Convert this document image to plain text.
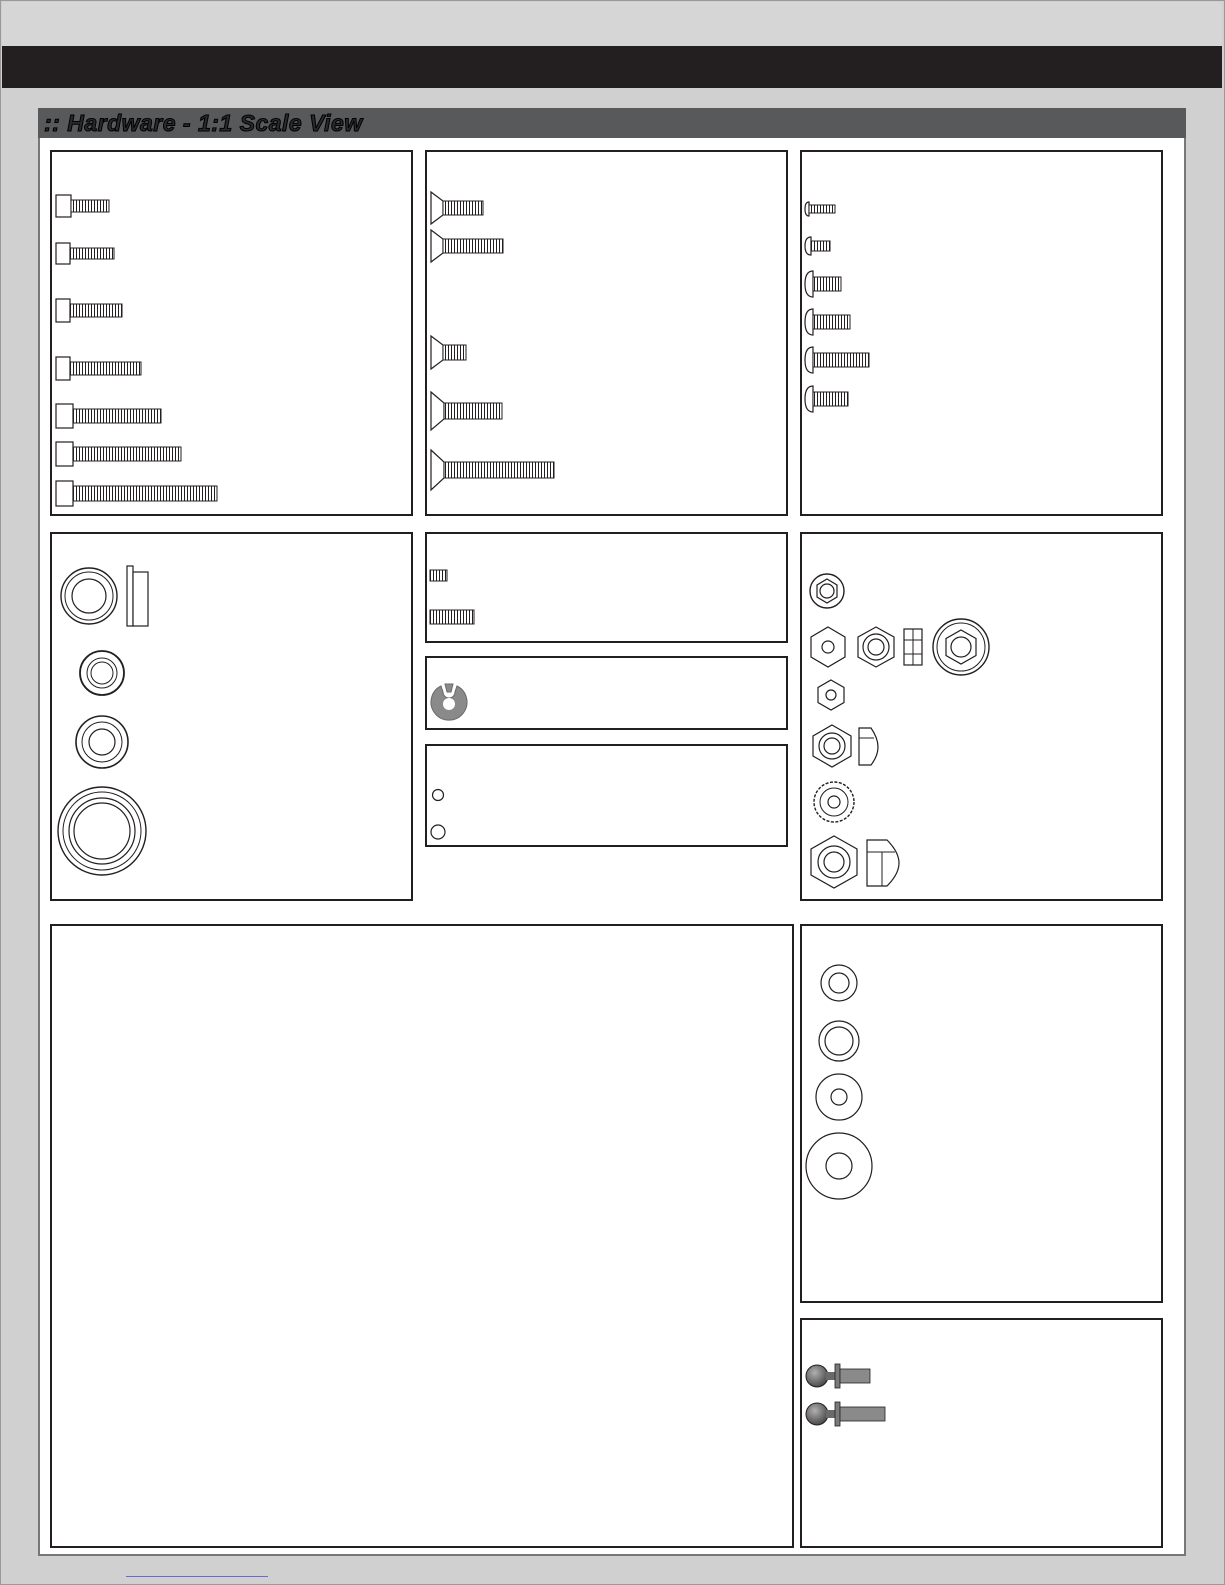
:: Hardware - 1:1 Scale View
